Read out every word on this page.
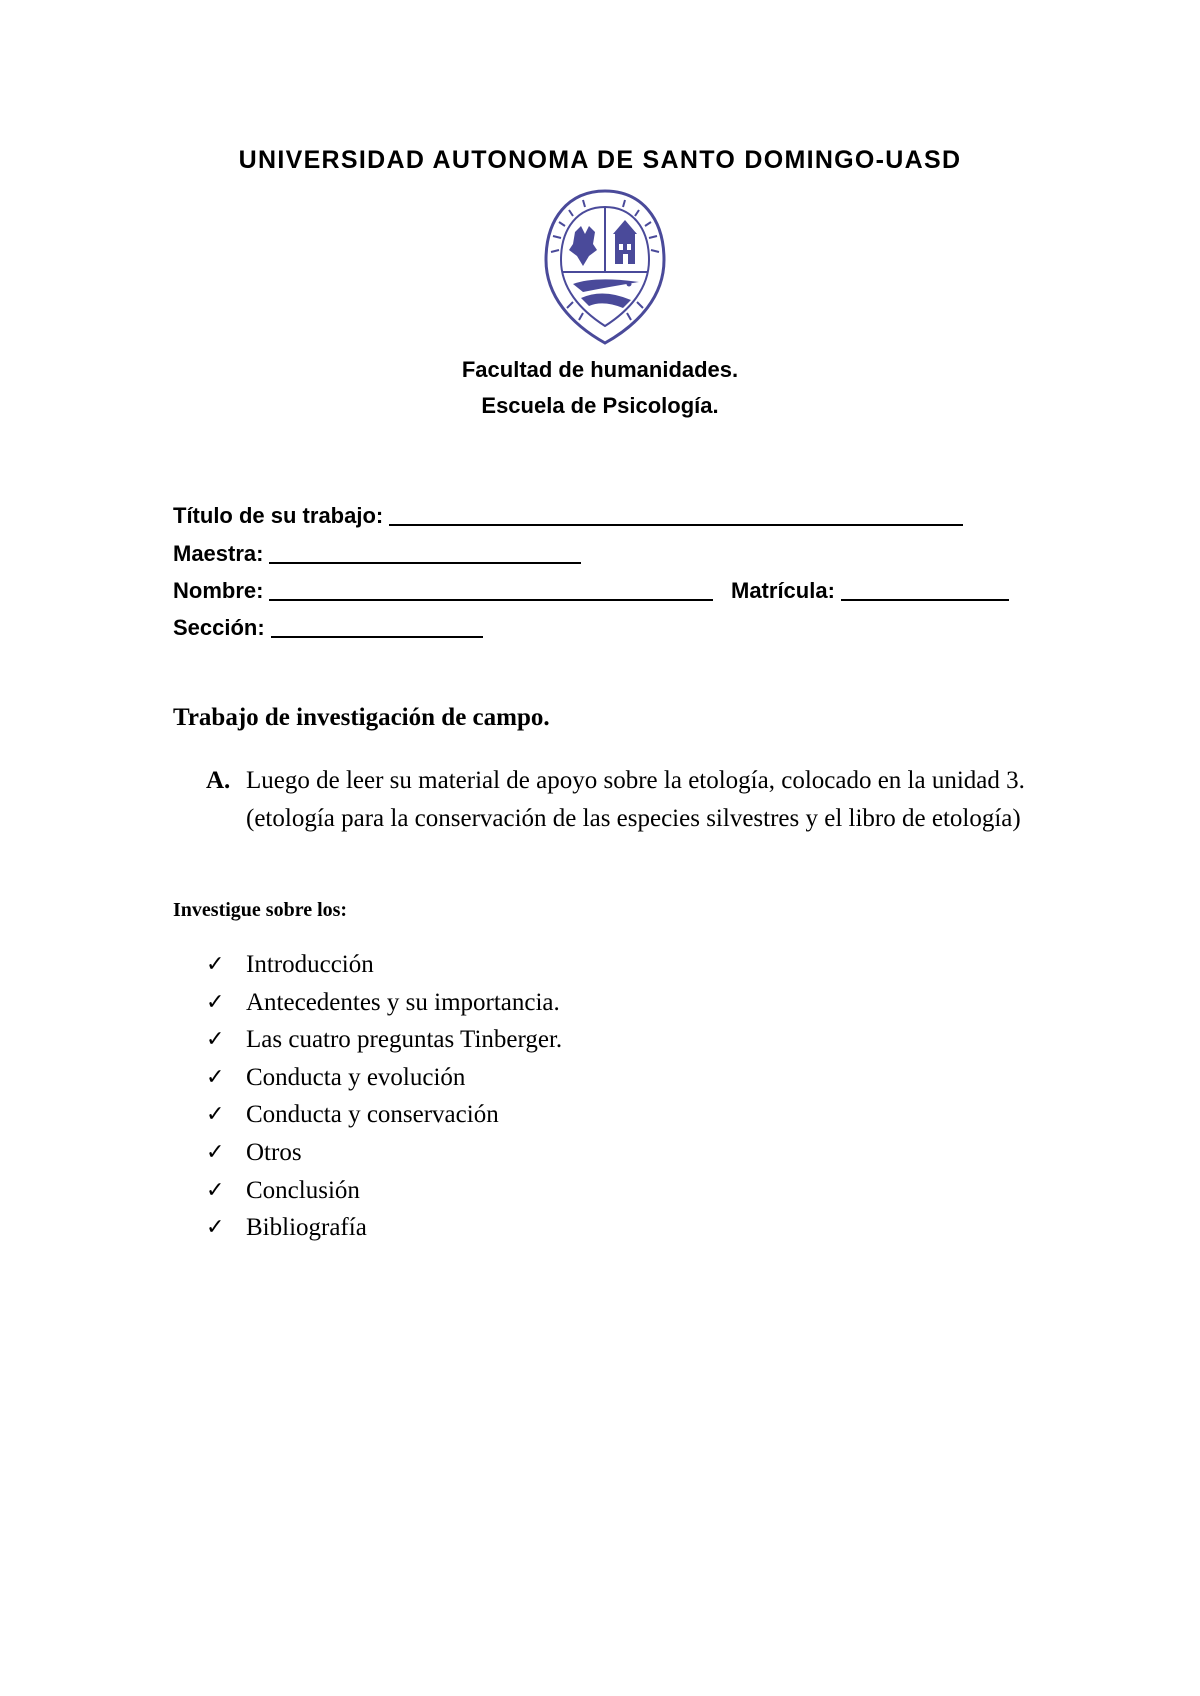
UNIVERSIDAD AUTONOMA DE SANTO DOMINGO-UASD
Facultad de humanidades.
Escuela de Psicología.
Título de su trabajo:
Maestra:
Nombre:	Matrícula:
Sección:
Trabajo de investigación de campo.
A. Luego de leer su material de apoyo sobre la etología, colocado en la unidad 3. (etología para la conservación de las especies silvestres y el libro de etología)
Investigue sobre los:
✓ Introducción
✓ Antecedentes y su importancia.
✓ Las cuatro preguntas Tinberger.
✓ Conducta y evolución
✓ Conducta y conservación
✓ Otros
✓ Conclusión
✓ Bibliografía
